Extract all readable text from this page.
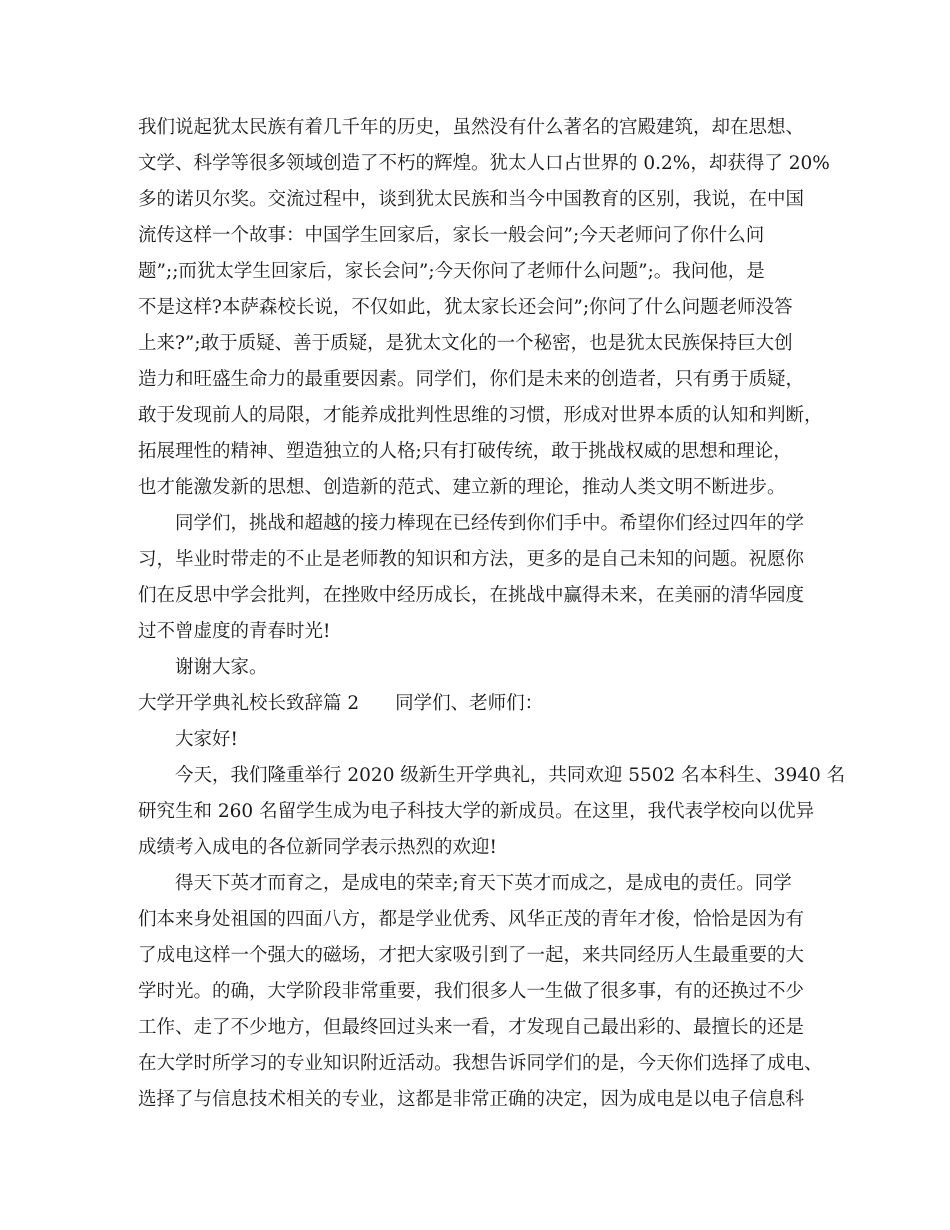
我们说起犹太民族有着几千年的历史，虽然没有什么著名的宫殿建筑，却在思想、
文学、科学等很多领域创造了不朽的辉煌。犹太人口占世界的 0.2%，却获得了 20%
多的诺贝尔奖。交流过程中，谈到犹太民族和当今中国教育的区别，我说，在中国
流传这样一个故事：中国学生回家后，家长一般会问”;今天老师问了你什么问
题”;;而犹太学生回家后，家长会问”;今天你问了老师什么问题”;。我问他，是
不是这样?本萨森校长说，不仅如此，犹太家长还会问”;你问了什么问题老师没答
上来?”;敢于质疑、善于质疑，是犹太文化的一个秘密，也是犹太民族保持巨大创
造力和旺盛生命力的最重要因素。同学们，你们是未来的创造者，只有勇于质疑，
敢于发现前人的局限，才能养成批判性思维的习惯，形成对世界本质的认知和判断，
拓展理性的精神、塑造独立的人格;只有打破传统，敢于挑战权威的思想和理论，
也才能激发新的思想、创造新的范式、建立新的理论，推动人类文明不断进步。
同学们，挑战和超越的接力棒现在已经传到你们手中。希望你们经过四年的学
习，毕业时带走的不止是老师教的知识和方法，更多的是自己未知的问题。祝愿你
们在反思中学会批判，在挫败中经历成长，在挑战中赢得未来，在美丽的清华园度
过不曾虚度的青春时光!
谢谢大家。
大学开学典礼校长致辞篇 2 同学们、老师们：
大家好!
今天，我们隆重举行 2020 级新生开学典礼，共同欢迎 5502 名本科生、3940 名
研究生和 260 名留学生成为电子科技大学的新成员。在这里，我代表学校向以优异
成绩考入成电的各位新同学表示热烈的欢迎!
得天下英才而育之，是成电的荣幸;育天下英才而成之，是成电的责任。同学
们本来身处祖国的四面八方，都是学业优秀、风华正茂的青年才俊，恰恰是因为有
了成电这样一个强大的磁场，才把大家吸引到了一起，来共同经历人生最重要的大
学时光。的确，大学阶段非常重要，我们很多人一生做了很多事，有的还换过不少
工作、走了不少地方，但最终回过头来一看，才发现自己最出彩的、最擅长的还是
在大学时所学习的专业知识附近活动。我想告诉同学们的是，今天你们选择了成电、
选择了与信息技术相关的专业，这都是非常正确的决定，因为成电是以电子信息科
